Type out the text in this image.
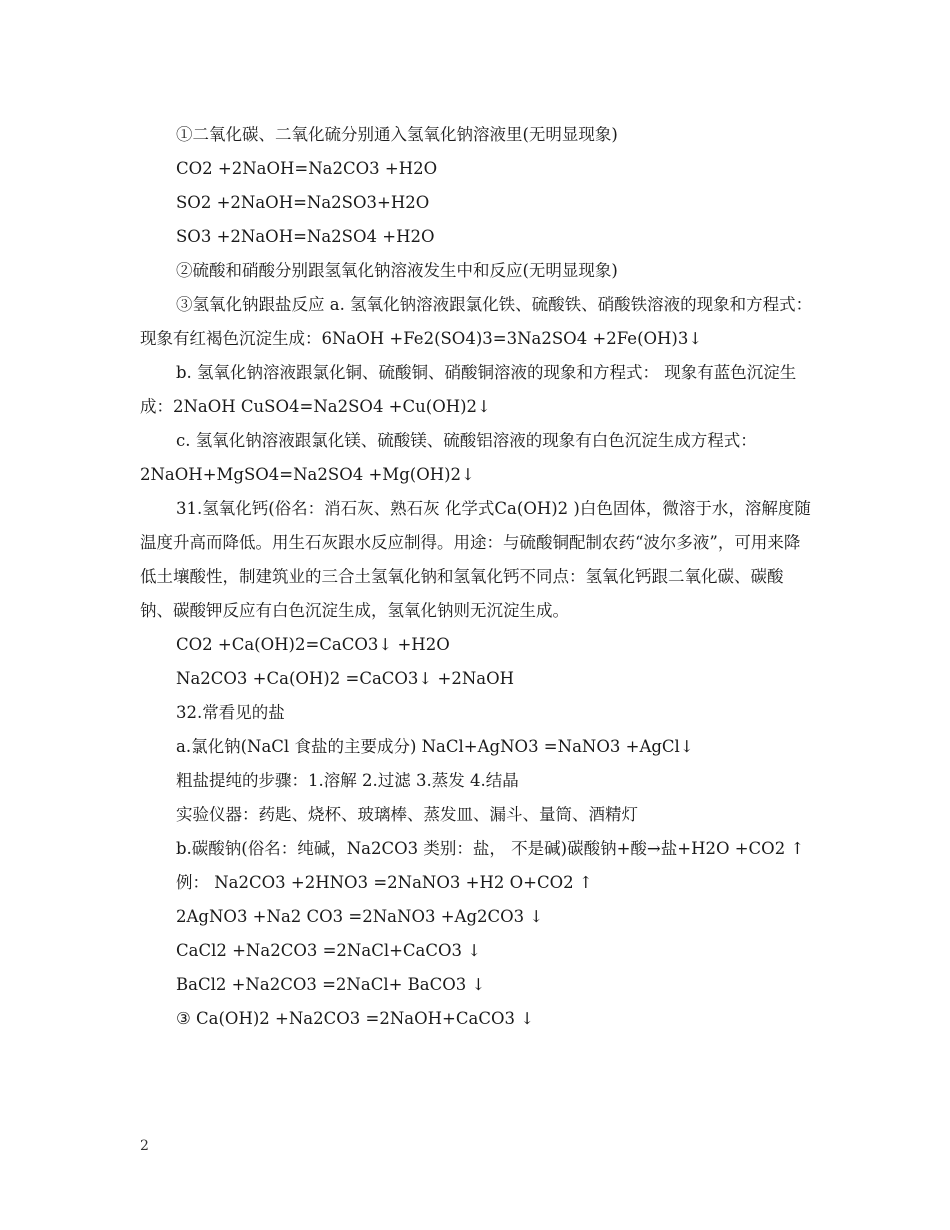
①二氧化碳、二氧化硫分别通入氢氧化钠溶液里(无明显现象)
CO2 +2NaOH=Na2CO3 +H2O
SO2 +2NaOH=Na2SO3+H2O
SO3 +2NaOH=Na2SO4 +H2O
②硫酸和硝酸分别跟氢氧化钠溶液发生中和反应(无明显现象)
③氢氧化钠跟盐反应 a. 氢氧化钠溶液跟氯化铁、硫酸铁、硝酸铁溶液的现象和方程式： 现象有红褐色沉淀生成：6NaOH +Fe2(SO4)3=3Na2SO4 +2Fe(OH)3↓
b. 氢氧化钠溶液跟氯化铜、硫酸铜、硝酸铜溶液的现象和方程式： 现象有蓝色沉淀生成：2NaOH CuSO4=Na2SO4 +Cu(OH)2↓
c. 氢氧化钠溶液跟氯化镁、硫酸镁、硫酸铝溶液的现象有白色沉淀生成方程式：2NaOH+MgSO4=Na2SO4 +Mg(OH)2↓
31.氢氧化钙(俗名：消石灰、熟石灰 化学式Ca(OH)2 )白色固体，微溶于水，溶解度随温度升高而降低。用生石灰跟水反应制得。用途：与硫酸铜配制农药“波尔多液”，可用来降低土壤酸性，制建筑业的三合土氢氧化钠和氢氧化钙不同点：氢氧化钙跟二氧化碳、碳酸钠、碳酸钾反应有白色沉淀生成，氢氧化钠则无沉淀生成。
CO2 +Ca(OH)2=CaCO3↓ +H2O
Na2CO3 +Ca(OH)2 =CaCO3↓ +2NaOH
32.常看见的盐
a.氯化钠(NaCl 食盐的主要成分) NaCl+AgNO3 =NaNO3 +AgCl↓
粗盐提纯的步骤：1.溶解 2.过滤 3.蒸发 4.结晶
实验仪器：药匙、烧杯、玻璃棒、蒸发皿、漏斗、量筒、酒精灯
b.碳酸钠(俗名：纯碱，Na2CO3 类别：盐， 不是碱)碳酸钠+酸→盐+H2O +CO2 ↑
例： Na2CO3 +2HNO3 =2NaNO3 +H2 O+CO2 ↑
2AgNO3 +Na2 CO3 =2NaNO3 +Ag2CO3 ↓
CaCl2 +Na2CO3 =2NaCl+CaCO3 ↓
BaCl2 +Na2CO3 =2NaCl+ BaCO3 ↓
③ Ca(OH)2 +Na2CO3 =2NaOH+CaCO3 ↓
2
